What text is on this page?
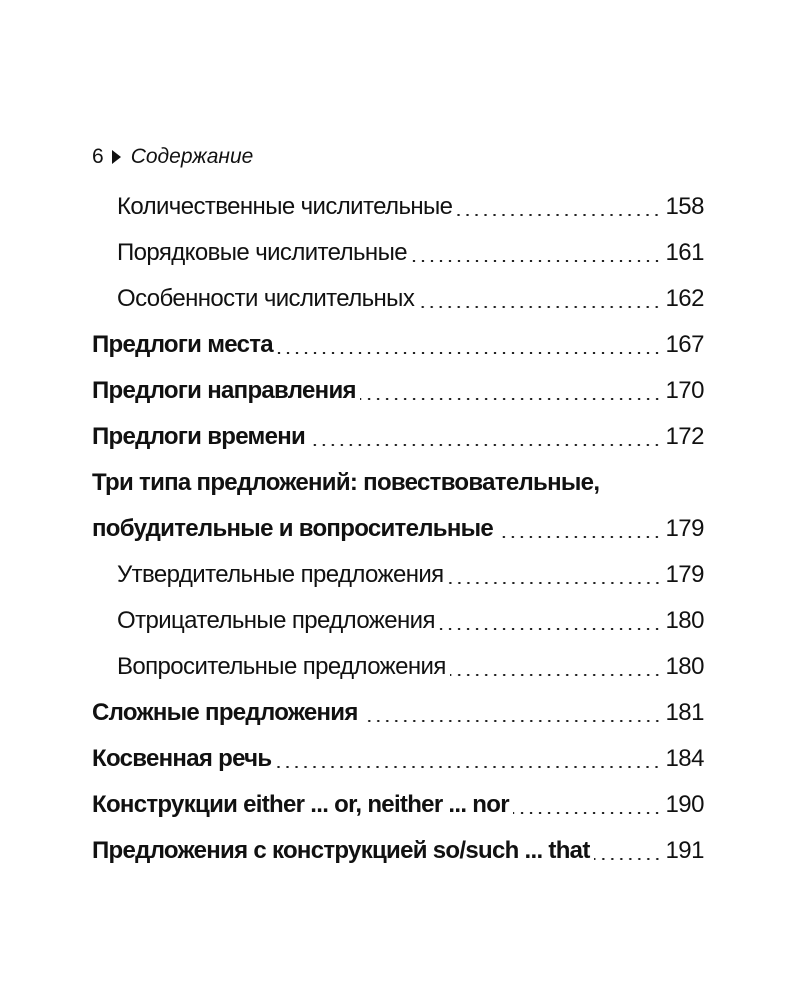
6 Содержание
Количественные числительные	158
Порядковые числительные	161
Особенности числительных	162
Предлоги места	167
Предлоги направления	170
Предлоги времени	172
Три типа предложений: повествовательные,
побудительные и вопросительные	179
Утвердительные предложения	179
Отрицательные предложения	180
Вопросительные предложения	180
Сложные предложения	181
Косвенная речь	184
Конструкции either ... or, neither ... nor	190
Предложения с конструкцией so/such ... that	191
